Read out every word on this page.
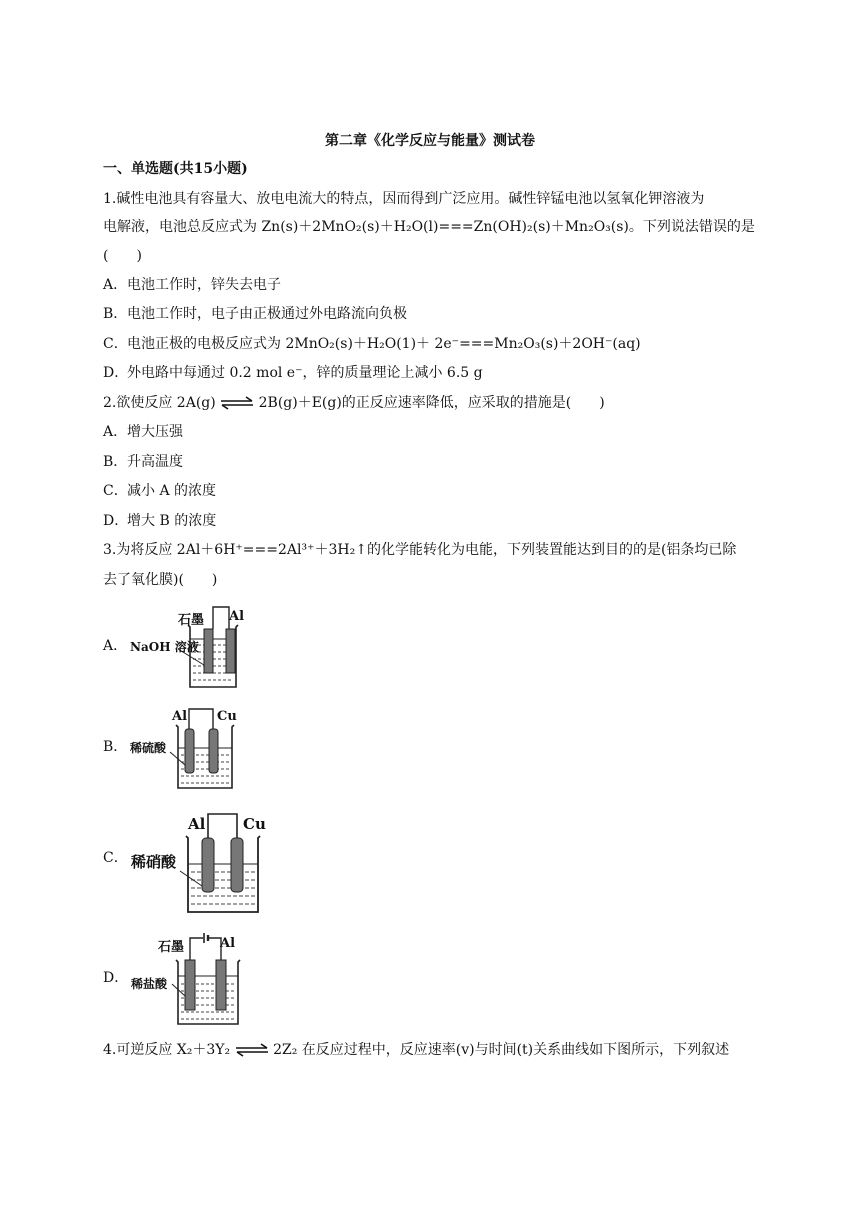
第二章《化学反应与能量》测试卷
一、单选题(共15小题)
1.碱性电池具有容量大、放电电流大的特点，因而得到广泛应用。碱性锌锰电池以氢氧化钾溶液为
电解液，电池总反应式为 Zn(s)＋2MnO₂(s)＋H₂O(l)===Zn(OH)₂(s)＋Mn₂O₃(s)。下列说法错误的是
(　　)
A．电池工作时，锌失去电子
B．电池工作时，电子由正极通过外电路流向负极
C．电池正极的电极反应式为 2MnO₂(s)＋H₂O(1)＋ 2e⁻===Mn₂O₃(s)＋2OH⁻(aq)
D．外电路中每通过 0.2 mol e⁻，锌的质量理论上减小 6.5 g
2.欲使反应 2A(g) ⇌ 2B(g)＋E(g)的正反应速率降低，应采取的措施是(　　)
A．增大压强
B．升高温度
C．减小 A 的浓度
D．增大 B 的浓度
3.为将反应 2Al＋6H⁺===2Al³⁺＋3H₂↑的化学能转化为电能，下列装置能达到目的的是(铝条均已除
去了氧化膜)(　　)
A．
石墨 Al
NaOH 溶液
B．
Al Cu
稀硫酸
C．
Al	Cu
稀硝酸
D．
石墨	Al
稀盐酸
4.可逆反应 X₂＋3Y₂ ⇌ 2Z₂ 在反应过程中，反应速率(v)与时间(t)关系曲线如下图所示，下列叙述
